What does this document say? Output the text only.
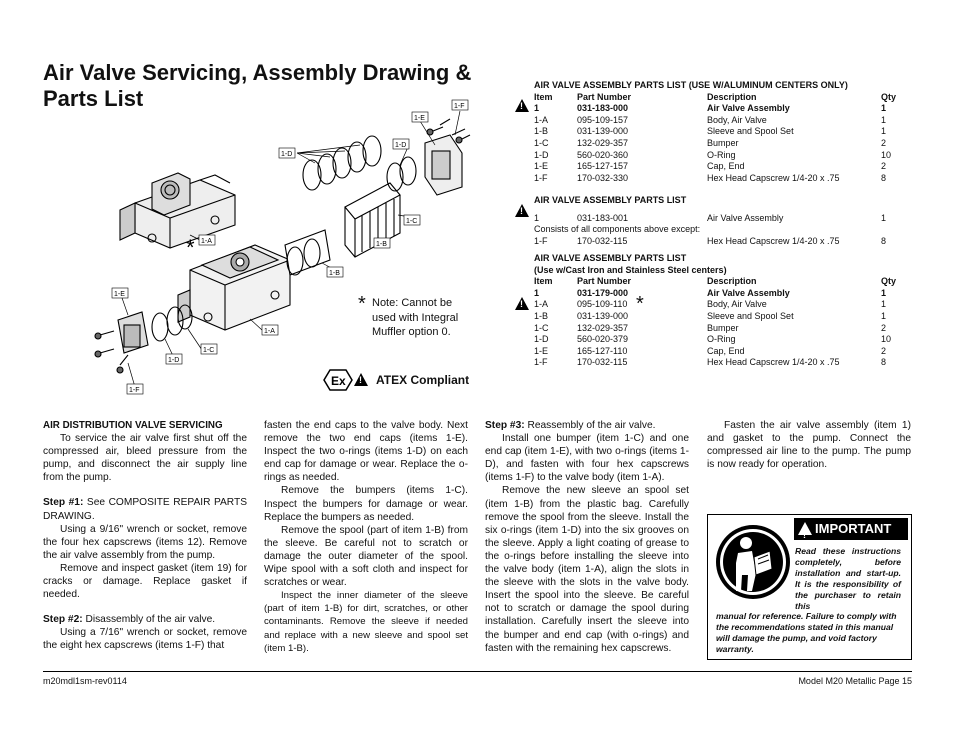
Air Valve Servicing, Assembly Drawing & Parts List	1-F
1-E
1-D
1-D
1-C
1-B
1-B
1-A
1-A
1-E
1-C
1-D
1-F
*
* Note: Cannot be used with Integral Muffler option 0.
Ex
!	ATEX Compliant
AIR VALVE ASSEMBLY PARTS LIST (USE W/ALUMINUM CENTERS ONLY)
Item	Part Number	Description	Qty
1	031-183-000	Air Valve Assembly	1
1-A	095-109-157	Body, Air Valve	1
1-B	031-139-000	Sleeve and Spool Set	1
1-C	132-029-357	Bumper	2
1-D	560-020-360	O-Ring	10
1-E	165-127-157	Cap, End	2
1-F	170-032-330	Hex Head Capscrew 1/4-20 x .75	8
!
AIR VALVE ASSEMBLY PARTS LIST
1	031-183-001	Air Valve Assembly	1
Consists of all components above except:
1-F	170-032-115	Hex Head Capscrew 1/4-20 x .75	8
!
AIR VALVE ASSEMBLY PARTS LIST
(Use w/Cast Iron and Stainless Steel centers)
Item	Part Number	Description	Qty
1	031-179-000	Air Valve Assembly	1
1-A	095-109-110	Body, Air Valve	1
1-B	031-139-000	Sleeve and Spool Set	1
1-C	132-029-357	Bumper	2
1-D	560-020-379	O-Ring	10
1-E	165-127-110	Cap, End	2
1-F	170-032-115	Hex Head Capscrew 1/4-20 x .75	8
!
*

AIR DISTRIBUTION VALVE SERVICING

To service the air valve first shut off the compressed air, bleed pressure from the pump, and disconnect the air supply line from the pump.

Step #1: See COMPOSITE REPAIR PARTS DRAWING.

Using a 9/16" wrench or socket, remove the four hex capscrews (items 12). Remove the air valve assembly from the pump.

Remove and inspect gasket (item 19) for cracks or damage. Replace gasket if needed.

Step #2: Disassembly of the air valve.

Using a 7/16" wrench or socket, remove the eight hex capscrews (items 1-F) that

fasten the end caps to the valve body. Next remove the two end caps (items 1-E). Inspect the two o-rings (items 1-D) on each end cap for damage or wear. Replace the o-rings as needed.

Remove the bumpers (items 1-C). Inspect the bumpers for damage or wear. Replace the bumpers as needed.

Remove the spool (part of item 1-B) from the sleeve. Be careful not to scratch or damage the outer diameter of the spool. Wipe spool with a soft cloth and inspect for scratches or wear.

Inspect the inner diameter of the sleeve (part of item 1-B) for dirt, scratches, or other contaminants. Remove the sleeve if needed and replace with a new sleeve and spool set (item 1-B).

Step #3: Reassembly of the air valve.

Install one bumper (item 1-C) and one end cap (item 1-E), with two o-rings (items 1-D), and fasten with four hex capscrews (items 1-F) to the valve body (item 1-A).

Remove the new sleeve an spool set (item 1-B) from the plastic bag. Carefully remove the spool from the sleeve. Install the six o-rings (item 1-D) into the six grooves on the sleeve. Apply a light coating of grease to the o-rings before installing the sleeve into the valve body (item 1-A), align the slots in the sleeve with the slots in the valve body. Insert the spool into the sleeve. Be careful not to scratch or damage the spool during installation. Carefully insert the sleeve into the bumper and end cap (with o-rings) and fasten with the remaining hex capscrews.

Fasten the air valve assembly (item 1) and gasket to the pump. Connect the compressed air line to the pump. The pump is now ready for operation.

!
IMPORTANT
Read these instructions completely, before installation and start-up. It is the responsibility of the purchaser to retain this
manual for reference. Failure to comply with the recommendations stated in this manual will damage the pump, and void factory warranty.
m20mdl1sm-rev0114	Model M20 Metallic Page 15
